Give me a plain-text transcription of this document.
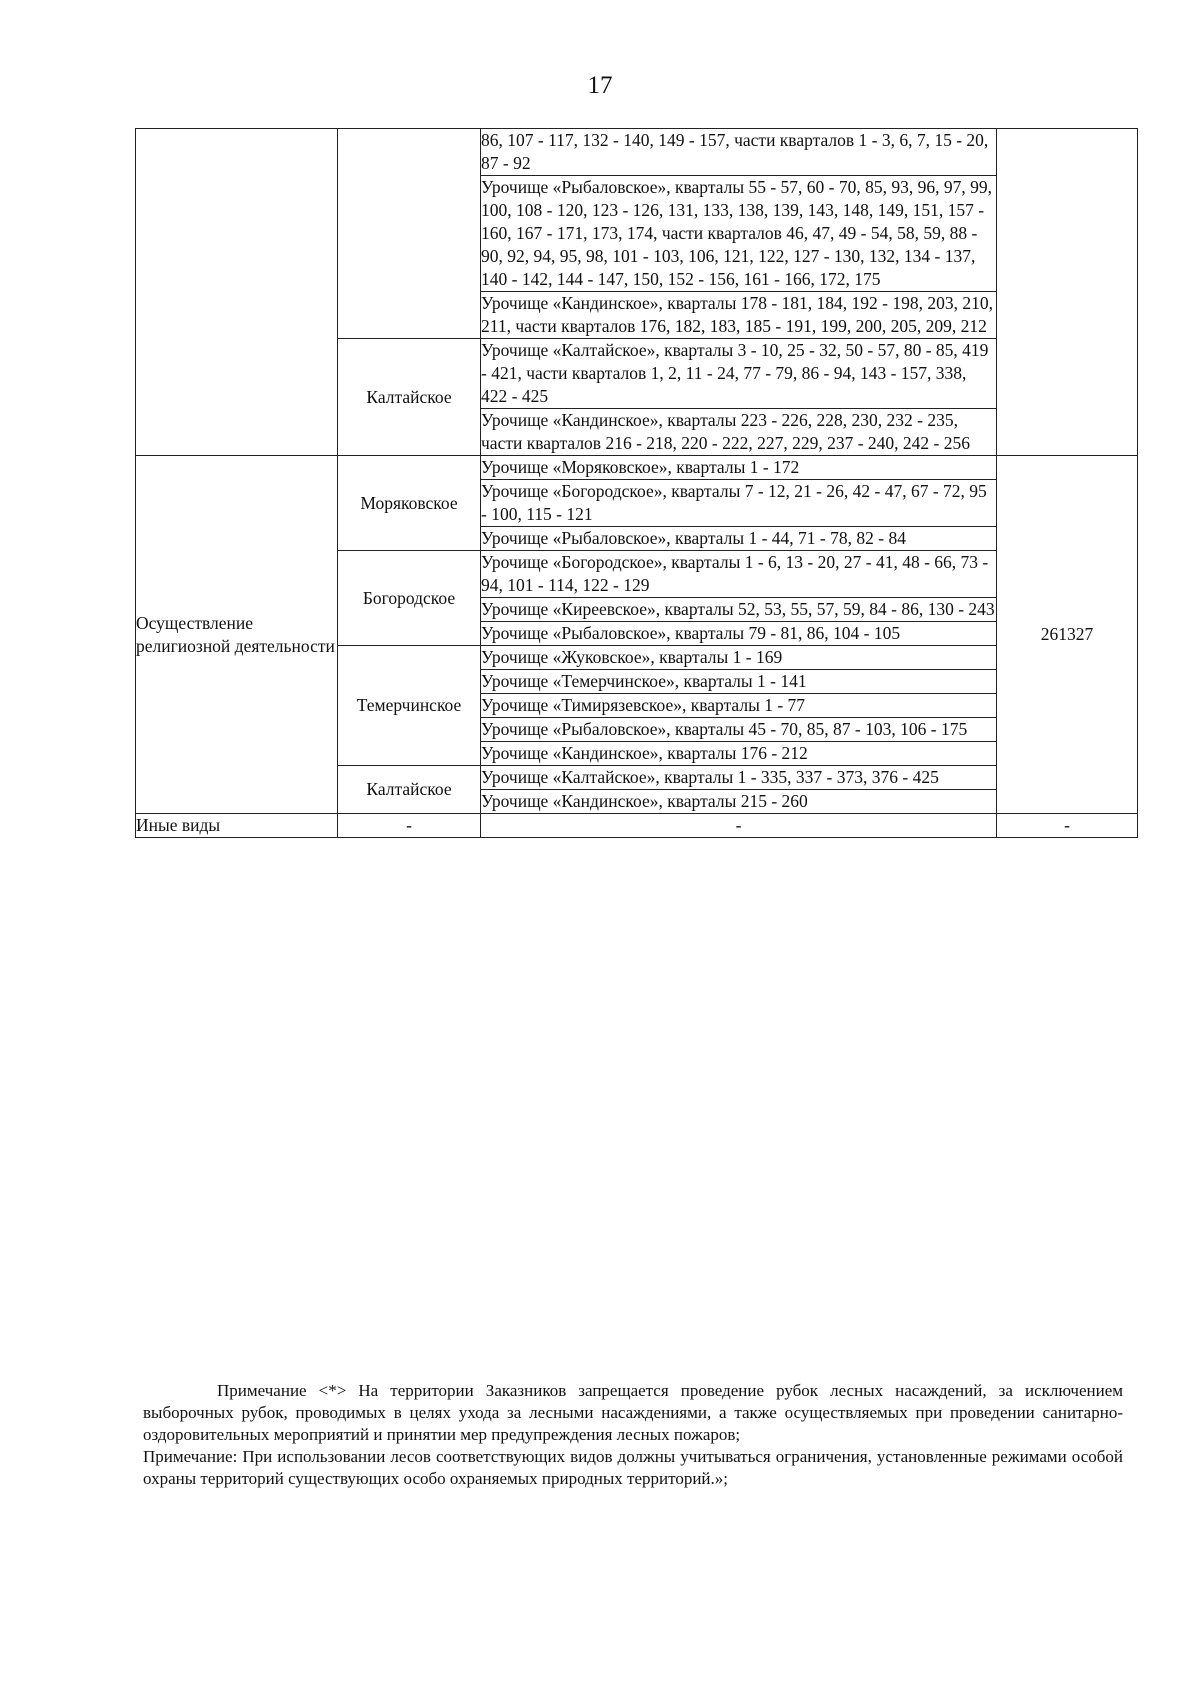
17
		86, 107 - 117, 132 - 140, 149 - 157, части кварталов 1 - 3, 6, 7, 15 - 20, 87 - 92	
		Урочище «Рыбаловское», кварталы 55 - 57, 60 - 70, 85, 93, 96, 97, 99, 100, 108 - 120, 123 - 126, 131, 133, 138, 139, 143, 148, 149, 151, 157 - 160, 167 - 171, 173, 174, части кварталов 46, 47, 49 - 54, 58, 59, 88 - 90, 92, 94, 95, 98, 101 - 103, 106, 121, 122, 127 - 130, 132, 134 - 137, 140 - 142, 144 - 147, 150, 152 - 156, 161 - 166, 172, 175	
		Урочище «Кандинское», кварталы 178 - 181, 184, 192 - 198, 203, 210, 211, части кварталов 176, 182, 183, 185 - 191, 199, 200, 205, 209, 212	
	Калтайское	Урочище «Калтайское», кварталы 3 - 10, 25 - 32, 50 - 57, 80 - 85, 419 - 421, части кварталов 1, 2, 11 - 24, 77 - 79, 86 - 94, 143 - 157, 338, 422 - 425	
		Урочище «Кандинское», кварталы 223 - 226, 228, 230, 232 - 235, части кварталов 216 - 218, 220 - 222, 227, 229, 237 - 240, 242 - 256	
Осуществление религиозной деятельности	Моряковское	Урочище «Моряковское», кварталы 1 - 172	261327
		Урочище «Богородское», кварталы 7 - 12, 21 - 26, 42 - 47, 67 - 72, 95 - 100, 115 - 121	
		Урочище «Рыбаловское», кварталы 1 - 44, 71 - 78, 82 - 84	
	Богородское	Урочище «Богородское», кварталы 1 - 6, 13 - 20, 27 - 41, 48 - 66, 73 - 94, 101 - 114, 122 - 129	
		Урочище «Киреевское», кварталы 52, 53, 55, 57, 59, 84 - 86, 130 - 243	
		Урочище «Рыбаловское», кварталы 79 - 81, 86, 104 - 105	
	Темерчинское	Урочище «Жуковское», кварталы 1 - 169	
		Урочище «Темерчинское», кварталы 1 - 141	
		Урочище «Тимирязевское», кварталы 1 - 77	
		Урочище «Рыбаловское», кварталы 45 - 70, 85, 87 - 103, 106 - 175	
		Урочище «Кандинское», кварталы 176 - 212	
	Калтайское	Урочище «Калтайское», кварталы 1 - 335, 337 - 373, 376 - 425	
		Урочище «Кандинское», кварталы 215 - 260	
Иные виды	-	-	-

Примечание <*> На территории Заказников запрещается проведение рубок лесных насаждений, за исключением выборочных рубок, проводимых в целях ухода за лесными насаждениями, а также осуществляемых при проведении санитарно-оздоровительных мероприятий и принятии мер предупреждения лесных пожаров;

Примечание: При использовании лесов соответствующих видов должны учитываться ограничения, установленные режимами особой охраны территорий существующих особо охраняемых природных территорий.»;
